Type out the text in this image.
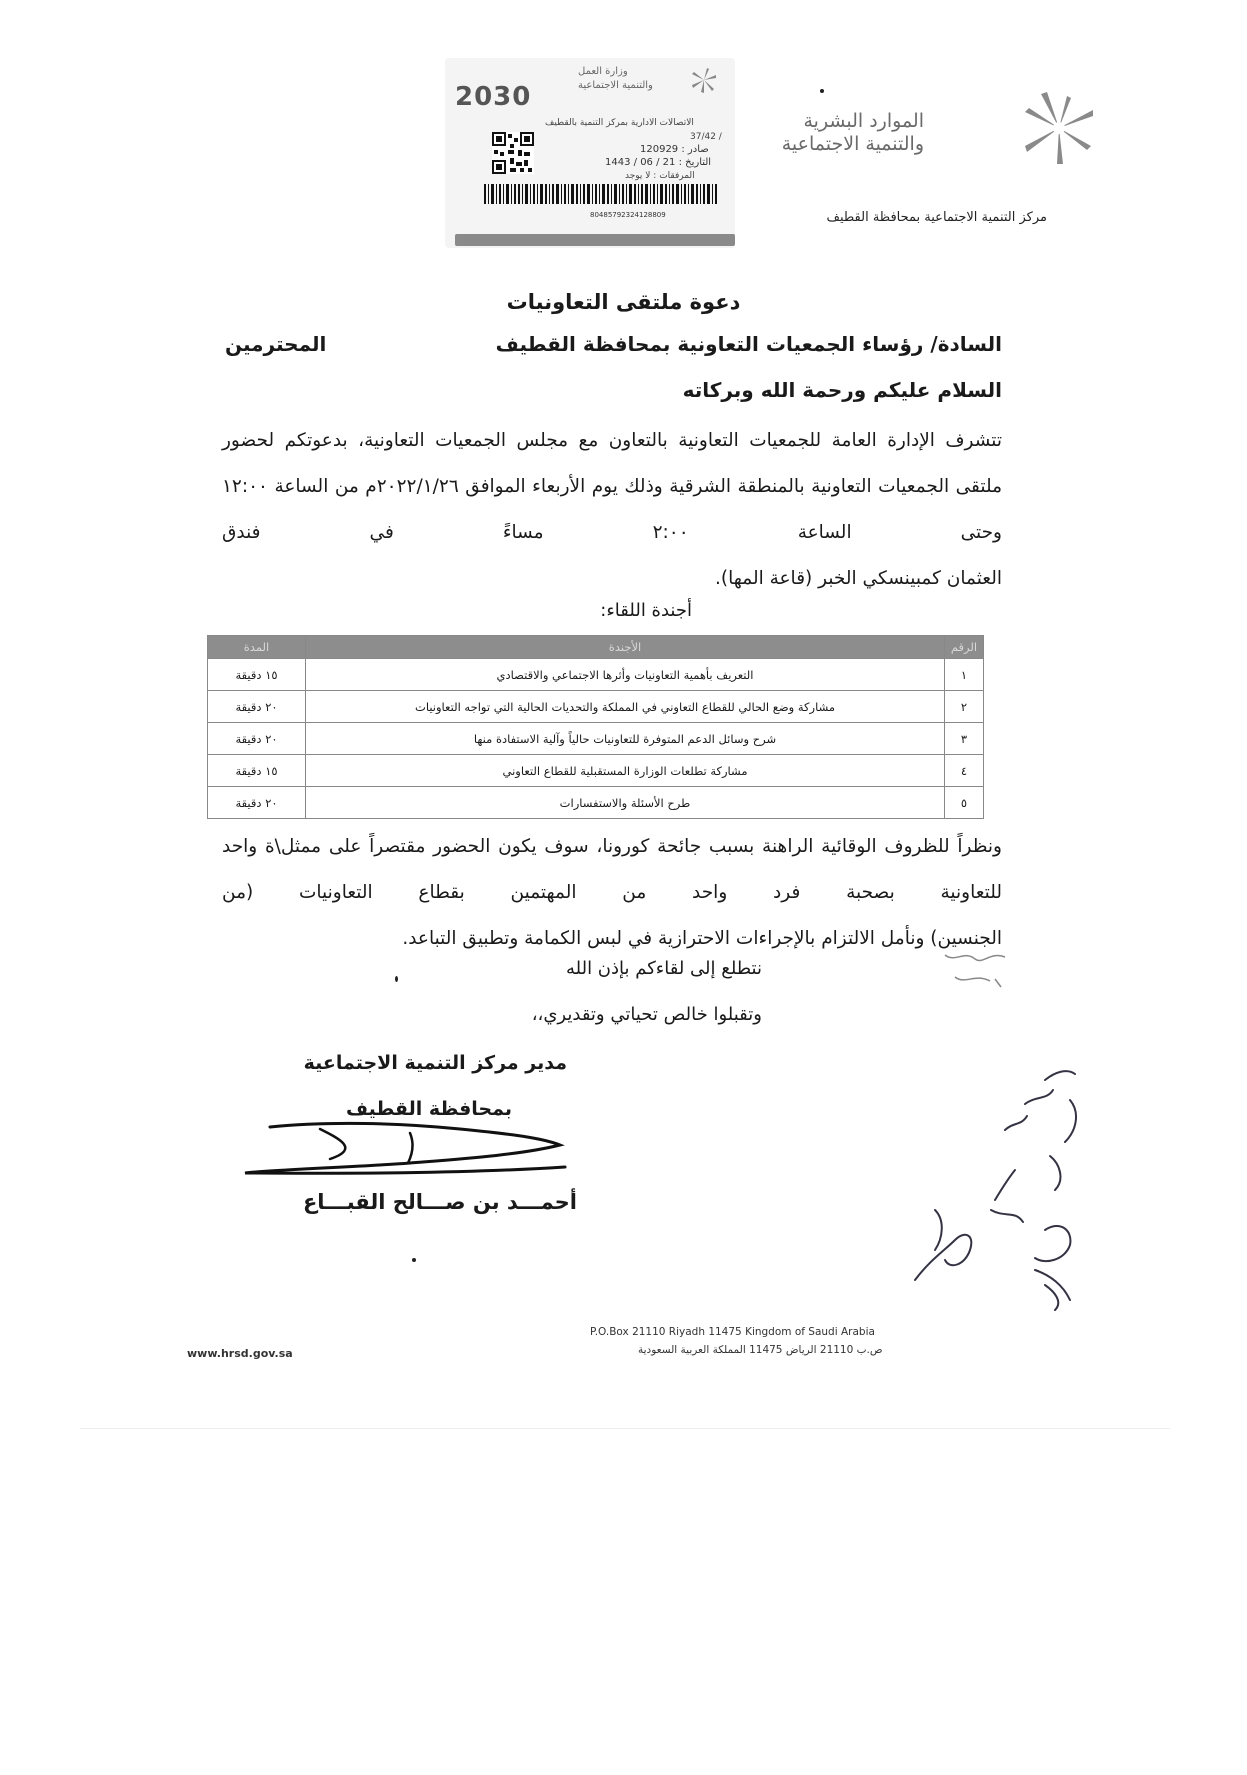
الموارد البشرية
والتنمية الاجتماعية
مركز التنمية الاجتماعية بمحافظة القطيف
2030
وزارة العمل
والتنمية الاجتماعية
الاتصالات الادارية بمركز التنمية بالقطيف
/ 37/42
صادر : 120929
التاريخ : 21 / 06 / 1443
المرفقات : لا يوجد
80485792324128809
دعوة ملتقى التعاونيات
السادة/ رؤساء الجمعيات التعاونية بمحافظة القطيف
المحترمين
السلام عليكم ورحمة الله وبركاته
تتشرف الإدارة العامة للجمعيات التعاونية بالتعاون مع مجلس الجمعيات التعاونية، بدعوتكم لحضور ملتقى الجمعيات التعاونية بالمنطقة الشرقية وذلك يوم الأربعاء الموافق ٢٠٢٢/١/٢٦م من الساعة ١٢:٠٠ وحتى الساعة ٢:٠٠ مساءً في فندق
العثمان كمبينسكي الخبر (قاعة المها).
أجندة اللقاء:
الرقم	الأجندة	المدة
١	التعريف بأهمية التعاونيات وأثرها الاجتماعي والاقتصادي	١٥ دقيقة
٢	مشاركة وضع الحالي للقطاع التعاوني في المملكة والتحديات الحالية التي تواجه التعاونيات	٢٠ دقيقة
٣	شرح وسائل الدعم المتوفرة للتعاونيات حالياً وآلية الاستفادة منها	٢٠ دقيقة
٤	مشاركة تطلعات الوزارة المستقبلية للقطاع التعاوني	١٥ دقيقة
٥	طرح الأسئلة والاستفسارات	٢٠ دقيقة
ونظراً للظروف الوقائية الراهنة بسبب جائحة كورونا، سوف يكون الحضور مقتصراً على ممثل\ة واحد للتعاونية بصحبة فرد واحد من المهتمين بقطاع التعاونيات (من
الجنسين) ونأمل الالتزام بالإجراءات الاحترازية في لبس الكمامة وتطبيق التباعد.
نتطلع إلى لقاءكم بإذن الله
وتقبلوا خالص تحياتي وتقديري،،
مدير مركز التنمية الاجتماعية
بمحافظة القطيف
أحمـــد بن صـــالح القبـــاع
P.O.Box 21110 Riyadh 11475 Kingdom of Saudi Arabia
ص.ب 21110 الرياض 11475 المملكة العربية السعودية
www.hrsd.gov.sa
